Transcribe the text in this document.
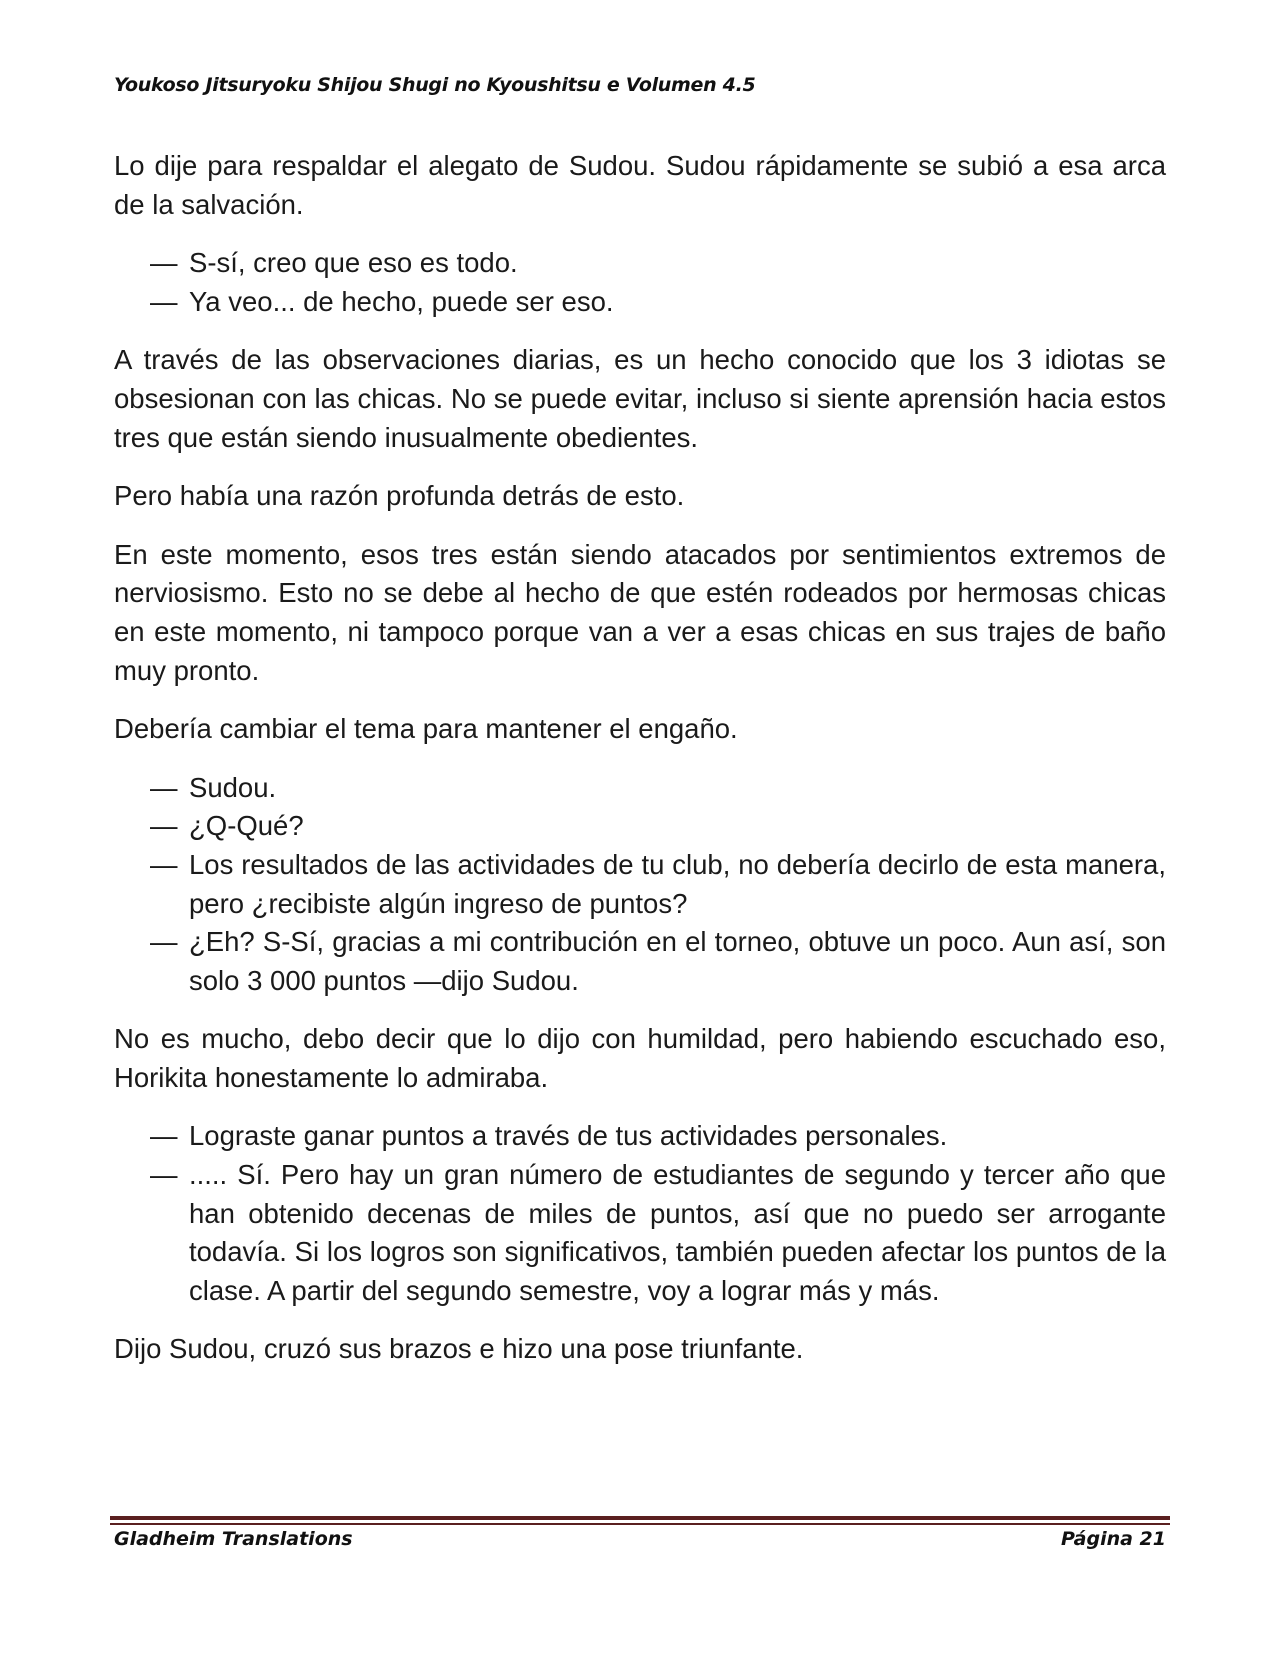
Youkoso Jitsuryoku Shijou Shugi no Kyoushitsu e Volumen 4.5

Lo dije para respaldar el alegato de Sudou. Sudou rápidamente se subió a esa arca de la salvación.

— S-sí, creo que eso es todo.
— Ya veo... de hecho, puede ser eso.

A través de las observaciones diarias, es un hecho conocido que los 3 idiotas se obsesionan con las chicas. No se puede evitar, incluso si siente aprensión hacia estos tres que están siendo inusualmente obedientes.

Pero había una razón profunda detrás de esto.

En este momento, esos tres están siendo atacados por sentimientos extremos de nerviosismo. Esto no se debe al hecho de que estén rodeados por hermosas chicas en este momento, ni tampoco porque van a ver a esas chicas en sus trajes de baño muy pronto.

Debería cambiar el tema para mantener el engaño.

— Sudou.
— ¿Q-Qué?
— Los resultados de las actividades de tu club, no debería decirlo de esta manera, pero ¿recibiste algún ingreso de puntos?
— ¿Eh? S-Sí, gracias a mi contribución en el torneo, obtuve un poco. Aun así, son solo 3 000 puntos —dijo Sudou.

No es mucho, debo decir que lo dijo con humildad, pero habiendo escuchado eso, Horikita honestamente lo admiraba.

— Lograste ganar puntos a través de tus actividades personales.
— ..... Sí. Pero hay un gran número de estudiantes de segundo y tercer año que han obtenido decenas de miles de puntos, así que no puedo ser arrogante todavía. Si los logros son significativos, también pueden afectar los puntos de la clase. A partir del segundo semestre, voy a lograr más y más.

Dijo Sudou, cruzó sus brazos e hizo una pose triunfante.

Gladheim Translations	Página 21
